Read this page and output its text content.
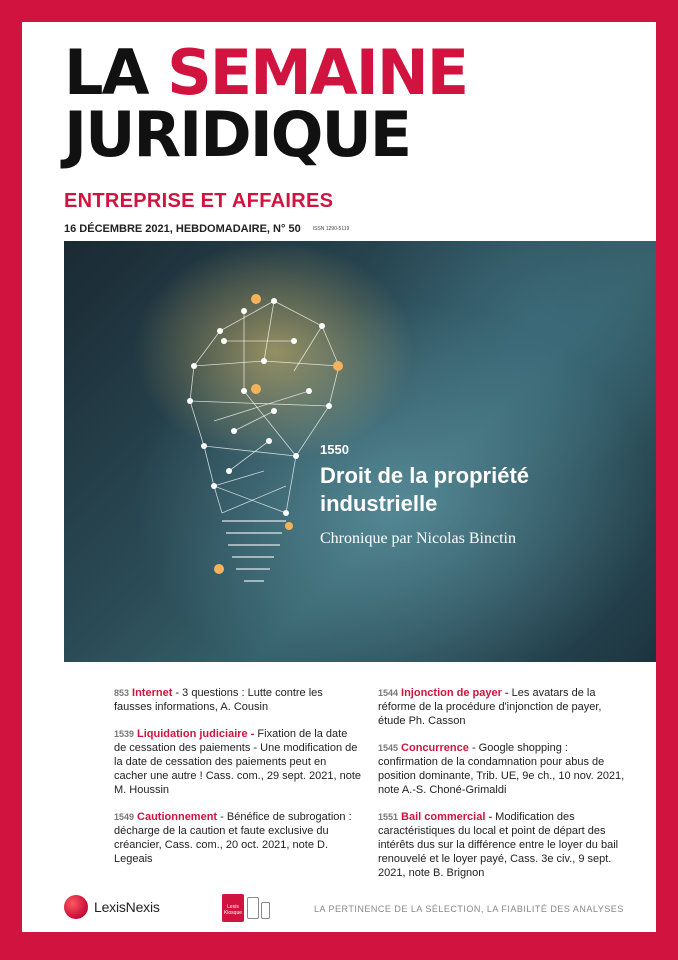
LA SEMAINE
JURIDIQUE
ENTREPRISE ET AFFAIRES
16 DÉCEMBRE 2021, HEBDOMADAIRE, N° 50 ISSN 1290-5119
1550
Droit de la propriété industrielle
Chronique par Nicolas Binctin
853 Internet - 3 questions : Lutte contre les fausses informations, A. Cousin
1539 Liquidation judiciaire - Fixation de la date de cessation des paiements - Une modification de la date de cessation des paiements peut en cacher une autre ! Cass. com., 29 sept. 2021, note M. Houssin
1549 Cautionnement - Bénéfice de subrogation : décharge de la caution et faute exclusive du créancier, Cass. com., 20 oct. 2021, note D. Legeais
1544 Injonction de payer - Les avatars de la réforme de la procédure d'injonction de payer, étude Ph. Casson
1545 Concurrence - Google shopping : confirmation de la condamnation pour abus de position dominante, Trib. UE, 9e ch., 10 nov. 2021, note A.-S. Choné-Grimaldi
1551 Bail commercial - Modification des caractéristiques du local et point de départ des intérêts dus sur la différence entre le loyer du bail renouvelé et le loyer payé, Cass. 3e civ., 9 sept. 2021, note B. Brignon
LexisNexis	Lexis Kiosque	LA PERTINENCE DE LA SÉLECTION, LA FIABILITÉ DES ANALYSES
